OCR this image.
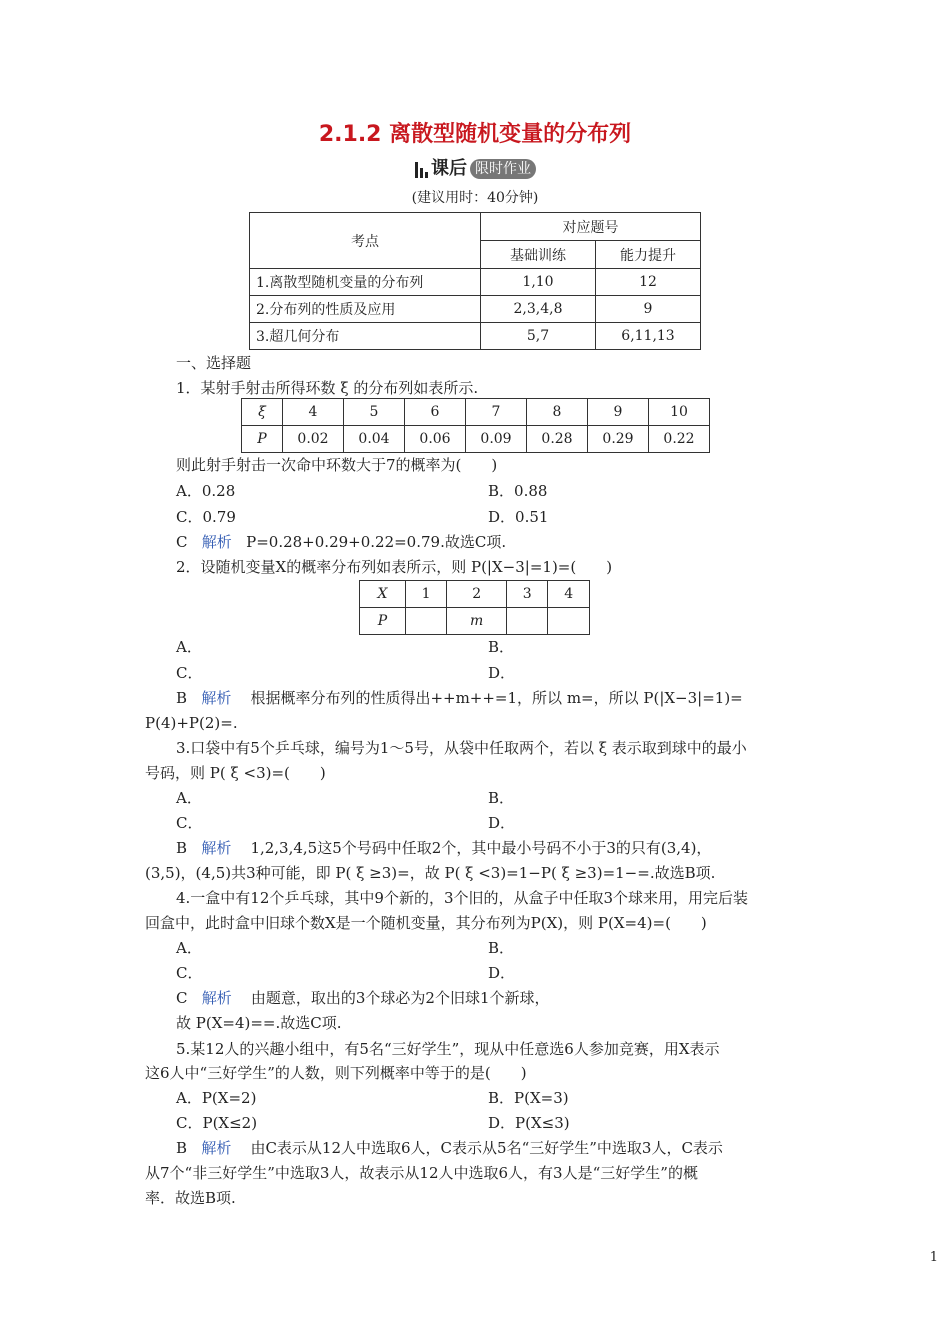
2.1.2 离散型随机变量的分布列
课后 限时作业
(建议用时：40分钟)
考点	对应题号	
	基础训练	能力提升
1.离散型随机变量的分布列	1,10	12
2.分布列的性质及应用	2,3,4,8	9
3.超几何分布	5,7	6,11,13
一、选择题
1．某射手射击所得环数 ξ 的分布列如表所示.
ξ	4	5	6	7	8	9	10
P	0.02	0.04	0.06	0.09	0.28	0.29	0.22
则此射手射击一次命中环数大于7的概率为(　　)
A．0.28	B．0.88
C．0.79	D．0.51
C 解析 P=0.28+0.29+0.22=0.79.故选C项.
2．设随机变量X的概率分布列如表所示，则 P(|X−3|=1)=(　　)
X	1	2	3	4
P		m		
A．	B．
C．	D．
B 解析 根据概率分布列的性质得出++m++=1，所以 m=，所以 P(|X−3|=1)=
P(4)+P(2)=.
3.口袋中有5个乒乓球，编号为1～5号，从袋中任取两个，若以 ξ 表示取到球中的最小
号码，则 P( ξ <3)=(　　)
A．	B．
C．	D．
B 解析 1,2,3,4,5这5个号码中任取2个，其中最小号码不小于3的只有(3,4)，
(3,5)，(4,5)共3种可能，即 P( ξ ≥3)=，故 P( ξ <3)=1−P( ξ ≥3)=1−=.故选B项.
4.一盒中有12个乒乓球，其中9个新的，3个旧的，从盒子中任取3个球来用，用完后装
回盒中，此时盒中旧球个数X是一个随机变量，其分布列为P(X)，则 P(X=4)=(　　)
A．	B．
C．	D．
C 解析 由题意，取出的3个球必为2个旧球1个新球，
故 P(X=4)==.故选C项.
5.某12人的兴趣小组中，有5名“三好学生”，现从中任意选6人参加竞赛，用X表示
这6人中“三好学生”的人数，则下列概率中等于的是(　　)
A．P(X=2)	B．P(X=3)
C．P(X≤2)	D．P(X≤3)
B 解析 由C表示从12人中选取6人，C表示从5名“三好学生”中选取3人，C表示
从7个“非三好学生”中选取3人，故表示从12人中选取6人，有3人是“三好学生”的概
率．故选B项.
1
